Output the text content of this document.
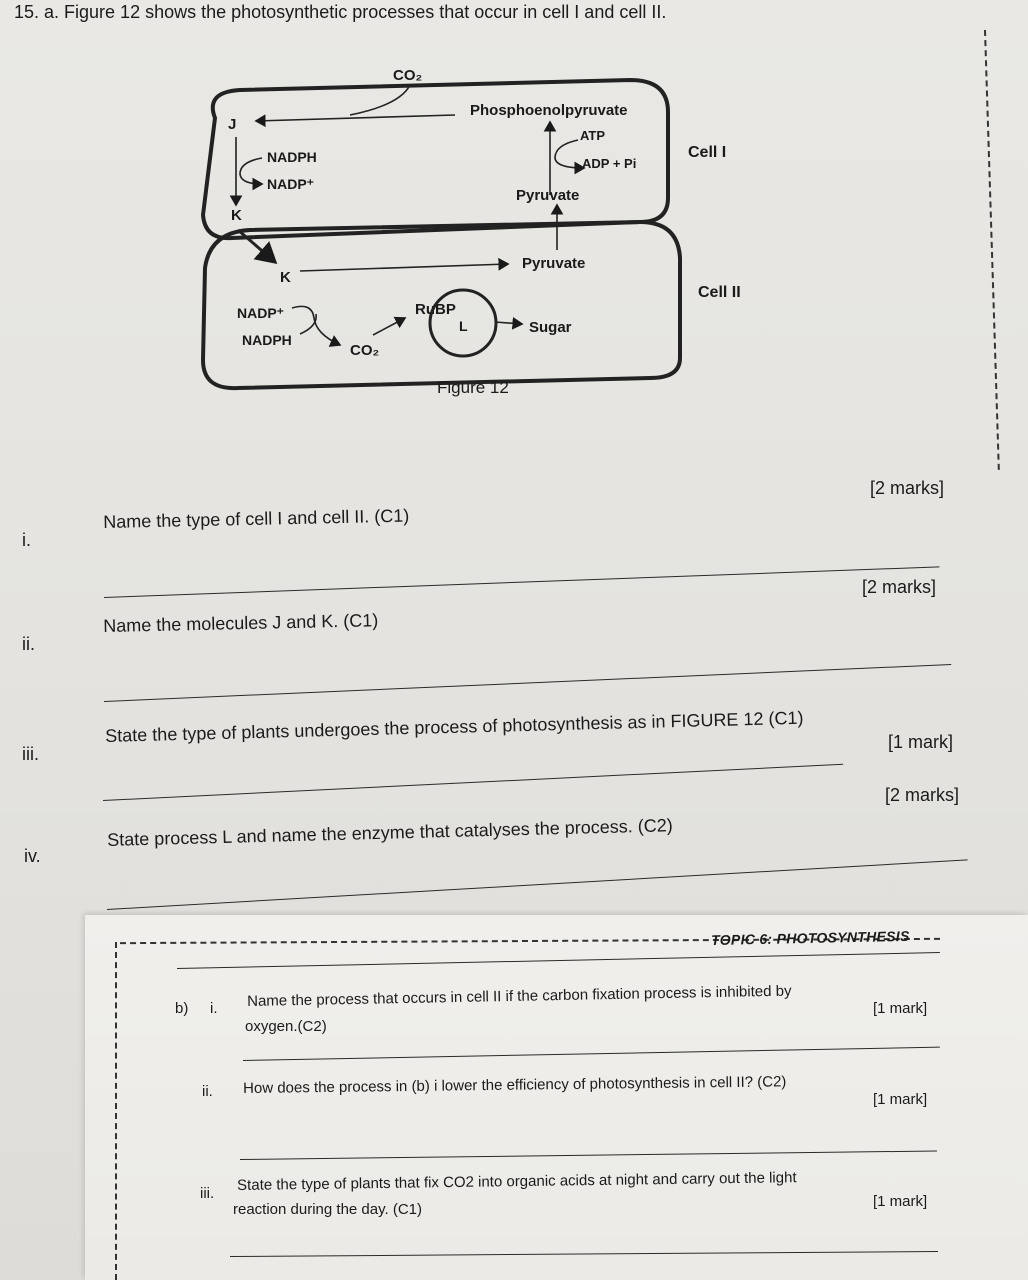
15. a. Figure 12 shows the photosynthetic processes that occur in cell I and cell II.
CO₂
J
Phosphoenolpyruvate
ATP
ADP + Pi
Pyruvate
NADPH
NADP⁺
K
K
Pyruvate
NADP⁺
NADPH
CO₂
RuBP
L	Sugar
Cell I
Cell II
Figure 12
[2 marks]
i.
Name the type of cell I and cell II. (C1)
[2 marks]
ii.
Name the molecules J and K. (C1)
iii.
State the type of plants undergoes the process of photosynthesis as in FIGURE 12 (C1)	[1 mark]
iv.
State process L and name the enzyme that catalyses the process. (C2)
[2 marks]
TOPIC 6: PHOTOSYNTHESIS
b) i. Name the process that occurs in cell II if the carbon fixation process is inhibited by
oxygen.(C2)
[1 mark]
ii. How does the process in (b) i lower the efficiency of photosynthesis in cell II? (C2)
[1 mark]
iii. State the type of plants that fix CO2 into organic acids at night and carry out the light
reaction during the day. (C1)	[1 mark]
